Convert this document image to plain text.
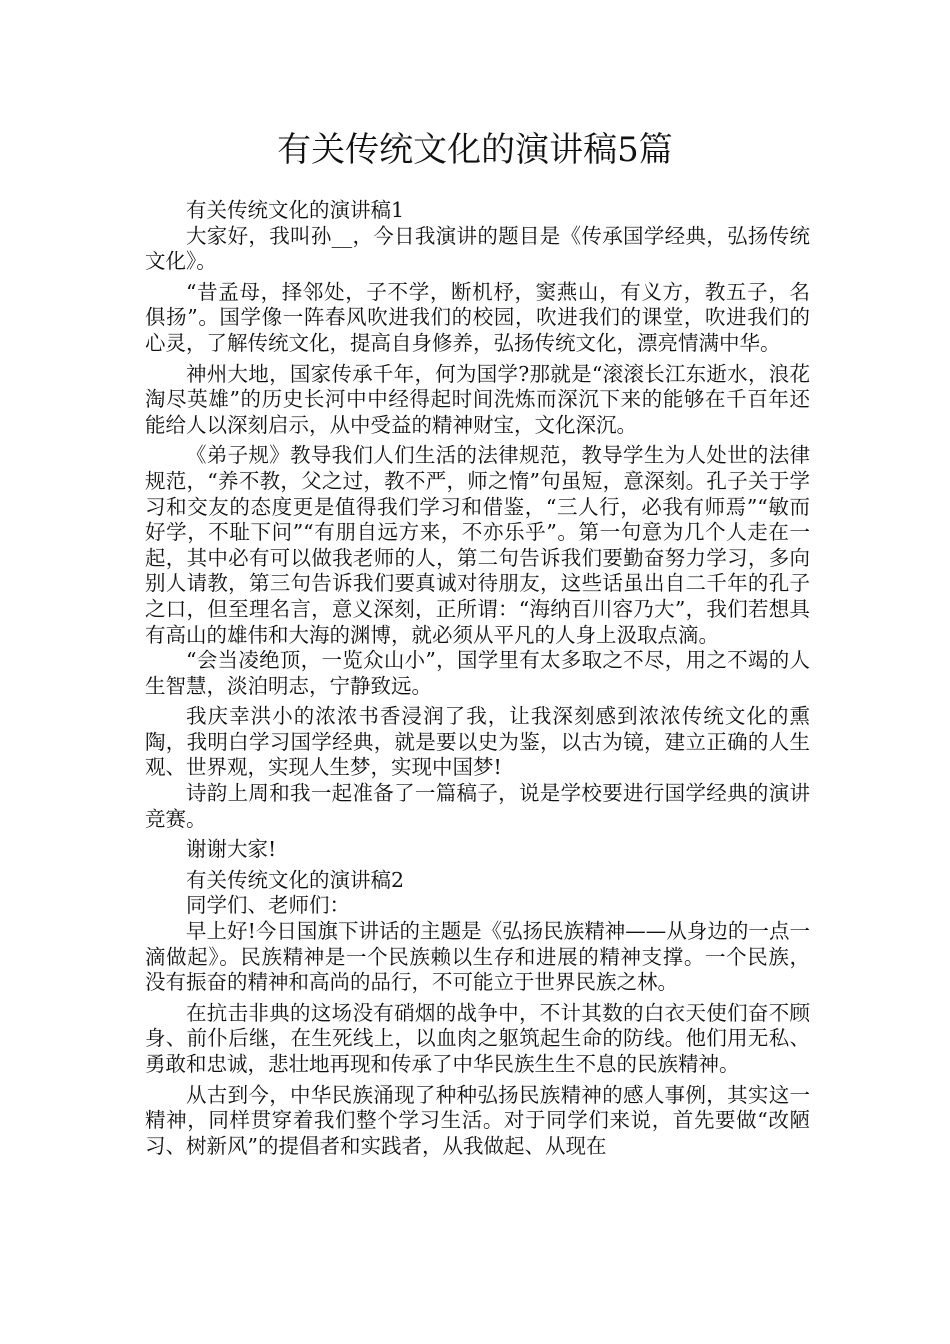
有关传统文化的演讲稿5篇

有关传统文化的演讲稿1

大家好，我叫孙__，今日我演讲的题目是《传承国学经典，弘扬传统文化》。

“昔孟母，择邻处，子不学，断机杼，窦燕山，有义方，教五子，名俱扬”。国学像一阵春风吹进我们的校园，吹进我们的课堂，吹进我们的心灵，了解传统文化，提高自身修养，弘扬传统文化，漂亮情满中华。

神州大地，国家传承千年，何为国学?那就是“滚滚长江东逝水，浪花淘尽英雄”的历史长河中中经得起时间洗炼而深沉下来的能够在千百年还能给人以深刻启示，从中受益的精神财宝，文化深沉。

《弟子规》教导我们人们生活的法律规范，教导学生为人处世的法律规范，“养不教，父之过，教不严，师之惰”句虽短，意深刻。孔子关于学习和交友的态度更是值得我们学习和借鉴，“三人行，必我有师焉”“敏而好学，不耻下问”“有朋自远方来，不亦乐乎”。第一句意为几个人走在一起，其中必有可以做我老师的人，第二句告诉我们要勤奋努力学习，多向别人请教，第三句告诉我们要真诚对待朋友，这些话虽出自二千年的孔子之口，但至理名言，意义深刻，正所谓：“海纳百川容乃大”，我们若想具有高山的雄伟和大海的渊博，就必须从平凡的人身上汲取点滴。

“会当凌绝顶，一览众山小”，国学里有太多取之不尽，用之不竭的人生智慧，淡泊明志，宁静致远。

我庆幸洪小的浓浓书香浸润了我，让我深刻感到浓浓传统文化的熏陶，我明白学习国学经典，就是要以史为鉴，以古为镜，建立正确的人生观、世界观，实现人生梦，实现中国梦!

诗韵上周和我一起准备了一篇稿子，说是学校要进行国学经典的演讲竞赛。

谢谢大家!

有关传统文化的演讲稿2

同学们、老师们：

早上好!今日国旗下讲话的主题是《弘扬民族精神——从身边的一点一滴做起》。民族精神是一个民族赖以生存和进展的精神支撑。一个民族，没有振奋的精神和高尚的品行，不可能立于世界民族之林。

在抗击非典的这场没有硝烟的战争中，不计其数的白衣天使们奋不顾身、前仆后继，在生死线上，以血肉之躯筑起生命的防线。他们用无私、勇敢和忠诚，悲壮地再现和传承了中华民族生生不息的民族精神。

从古到今，中华民族涌现了种种弘扬民族精神的感人事例，其实这一精神，同样贯穿着我们整个学习生活。对于同学们来说，首先要做“改陋习、树新风”的提倡者和实践者，从我做起、从现在
